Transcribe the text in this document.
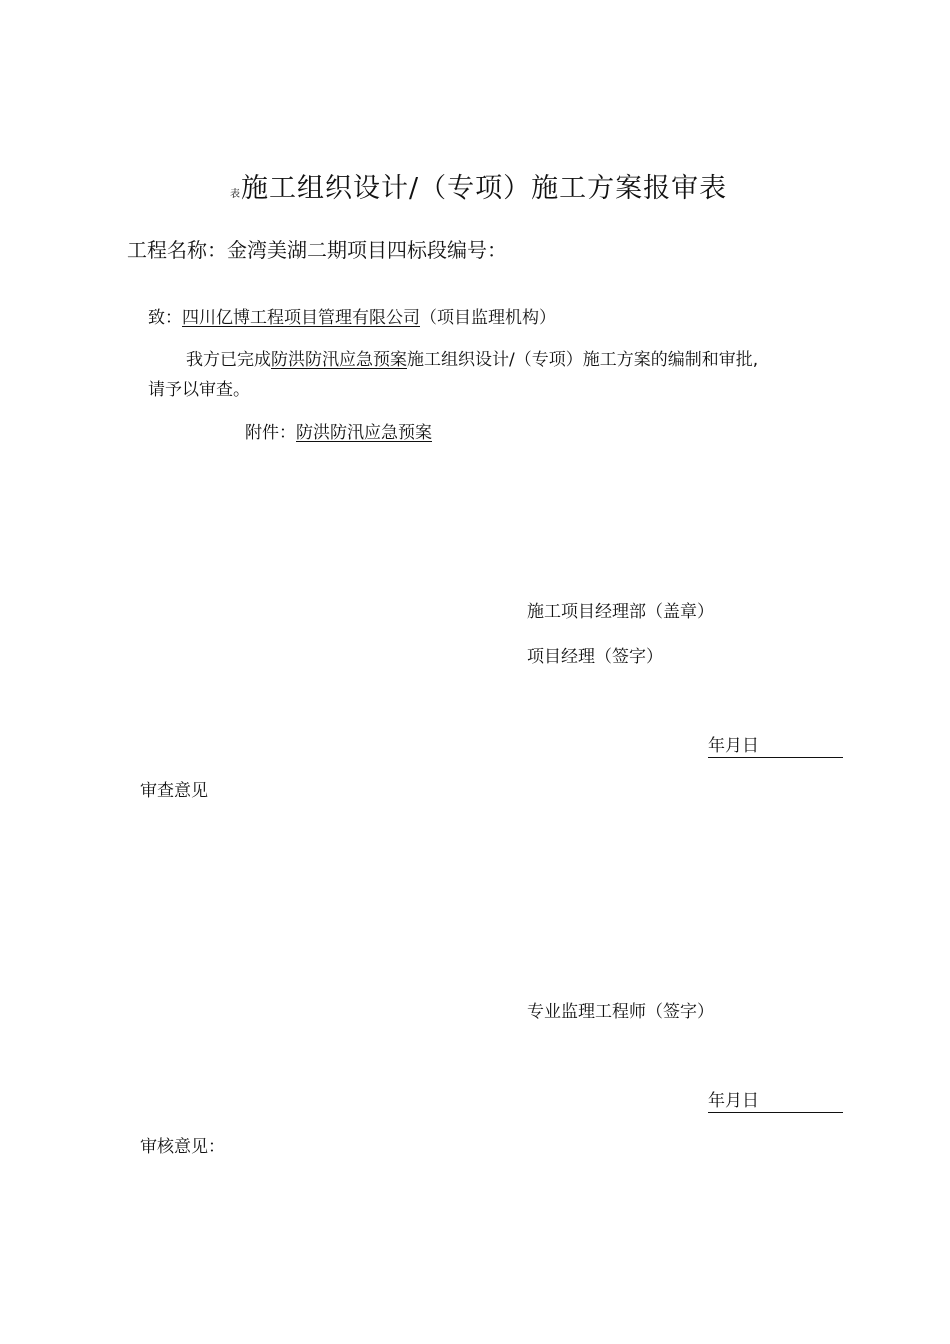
表施工组织设计/（专项）施工方案报审表
工程名称：金湾美湖二期项目四标段编号：
致：四川亿博工程项目管理有限公司（项目监理机构）
我方已完成防洪防汛应急预案施工组织设计/（专项）施工方案的编制和审批,
请予以审查。
附件：防洪防汛应急预案
施工项目经理部（盖章）
项目经理（签字）
年月日
审查意见
专业监理工程师（签字）
年月日
审核意见：
